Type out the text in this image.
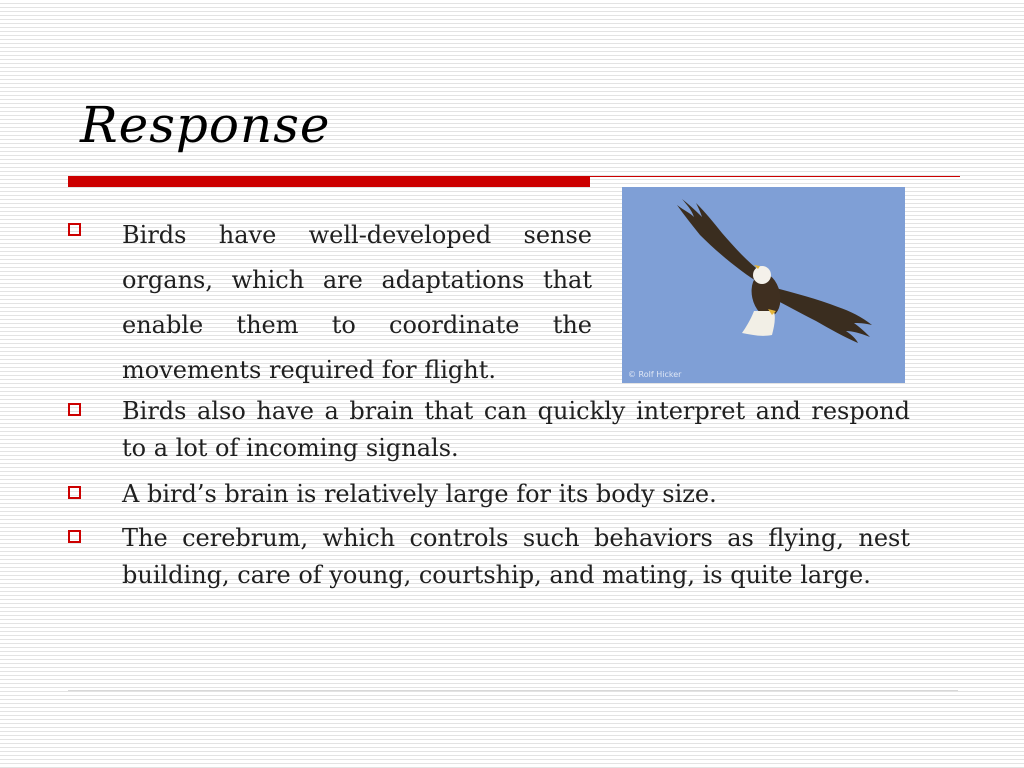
Response
© Rolf Hicker
Birds have well-developed sense organs, which are adaptations that enable them to coordinate the movements required for flight.
Birds also have a brain that can quickly interpret and respond to a lot of incoming signals.
A bird’s brain is relatively large for its body size.
The cerebrum, which controls such behaviors as flying, nest building, care of young, courtship, and mating, is quite large.
